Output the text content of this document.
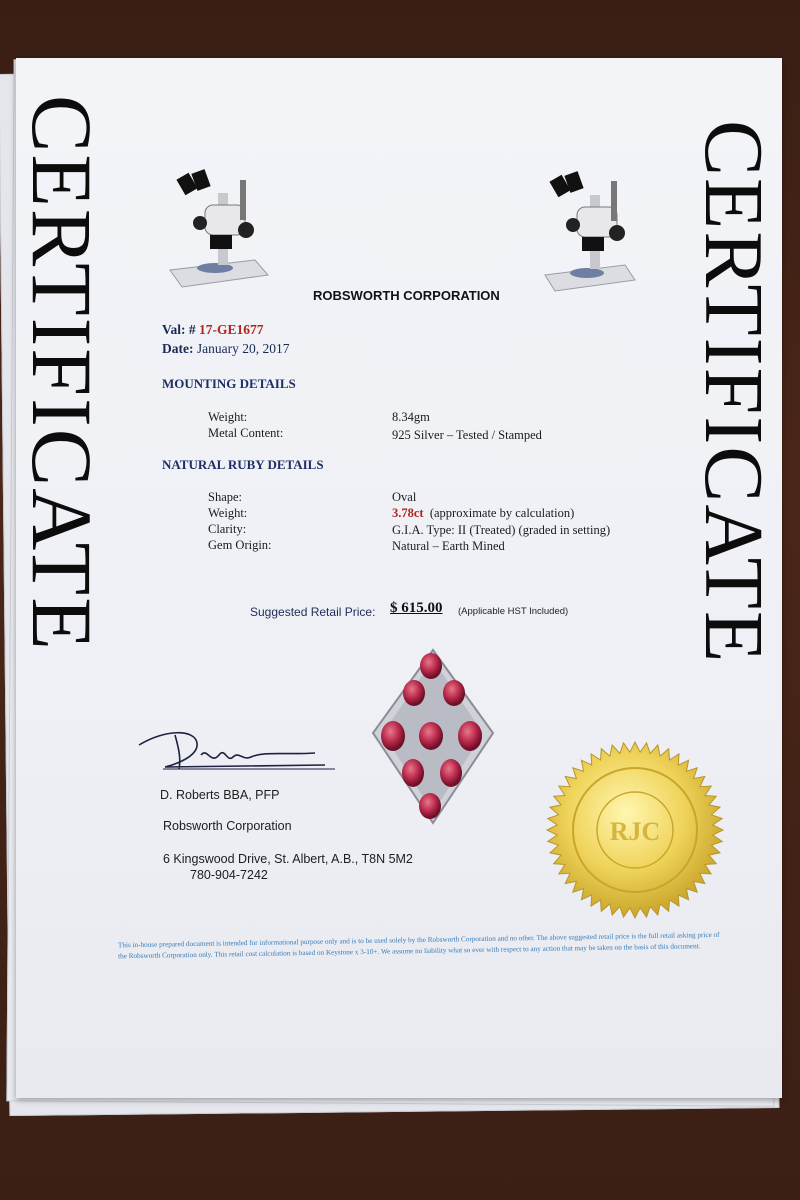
CERTIFICATE	CERTIFICATE
ROBSWORTH CORPORATION
Val: # 17-GE1677
Date: January 20, 2017
MOUNTING DETAILS
Weight:	8.34gm
Metal Content:	925 Silver – Tested / Stamped
NATURAL RUBY DETAILS
Shape:	Oval
Weight:	3.78ct (approximate by calculation)
Clarity:	G.I.A. Type: II (Treated) (graded in setting)
Gem Origin:	Natural – Earth Mined
Suggested Retail Price: $ 615.00 (Applicable HST Included)
D. Roberts BBA, PFP
Robsworth Corporation
6 Kingswood Drive, St. Albert, A.B., T8N 5M2
780-904-7242
RJC
This in-house prepared document is intended for informational purpose only and is to be used solely by the Robsworth Corporation and no other. The above suggested retail price is the full retail asking price of the Robsworth Corporation only. This retail cost calculation is based on Keystone x 3-10+. We assume no liability what so ever with respect to any action that may be taken on the basis of this document.
